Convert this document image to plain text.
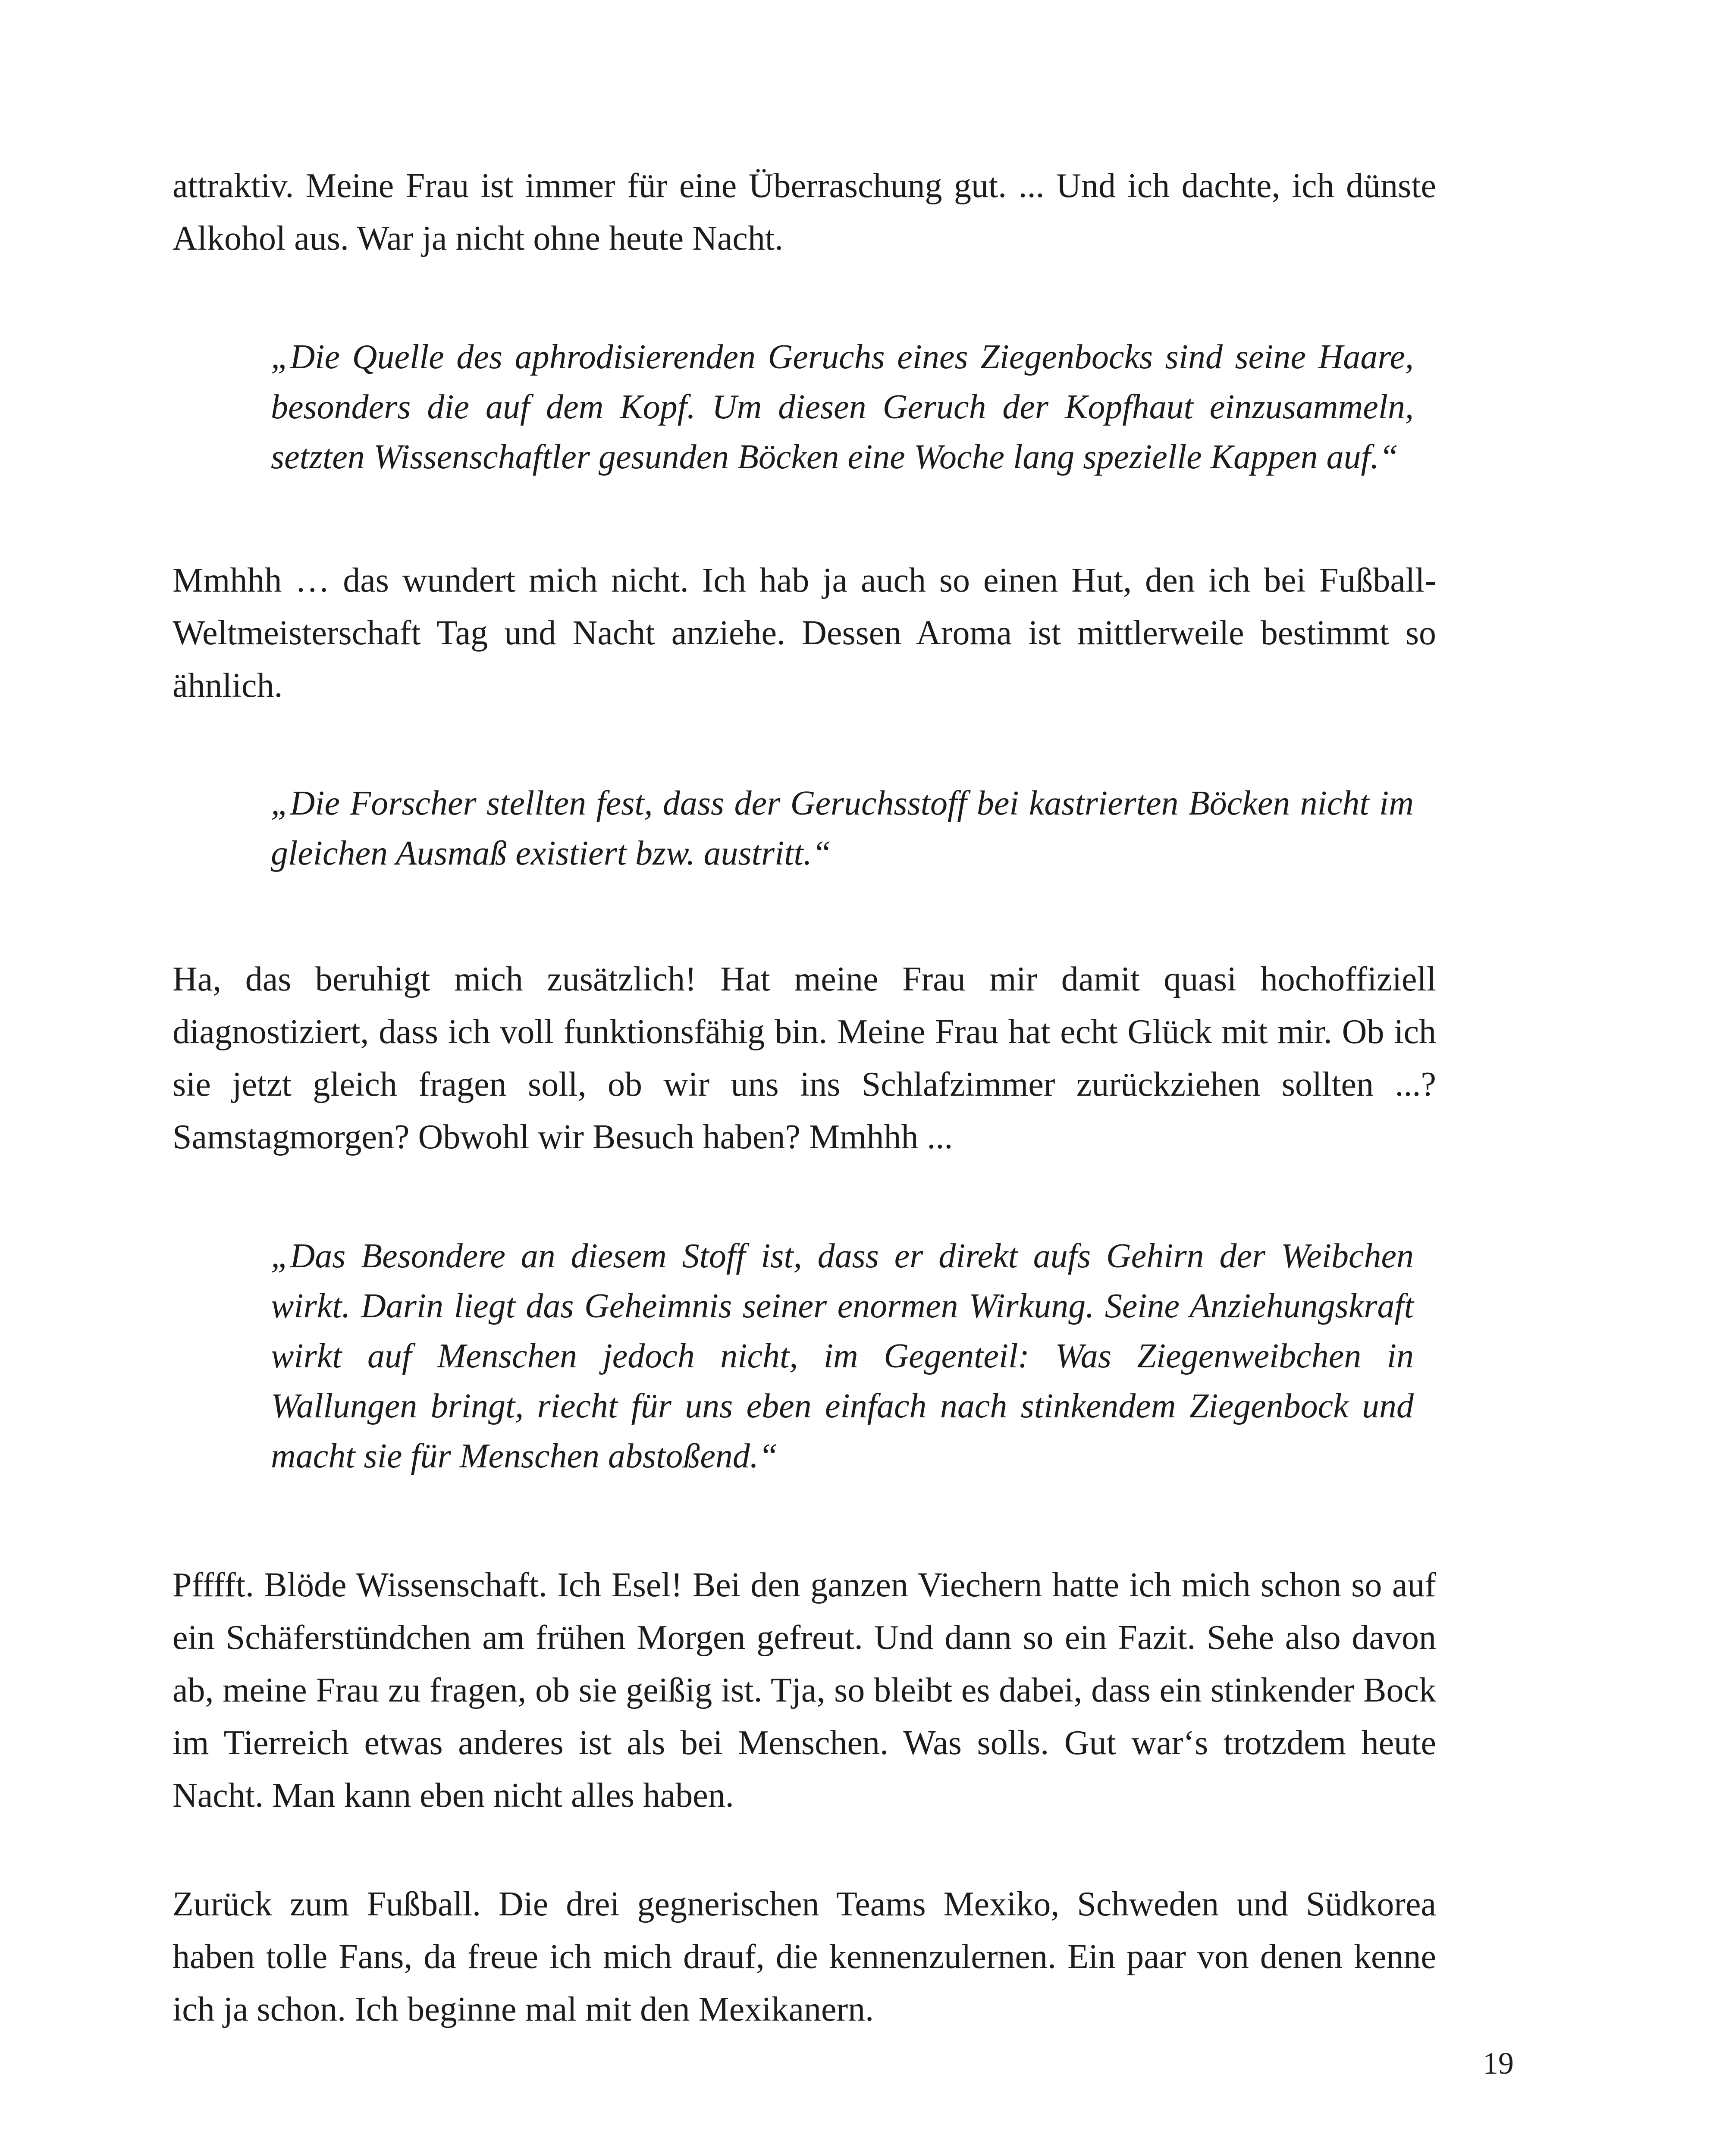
attraktiv. Meine Frau ist immer für eine Überraschung gut. ... Und ich dachte, ich dünste Alkohol aus. War ja nicht ohne heute Nacht.

„Die Quelle des aphrodisierenden Geruchs eines Ziegenbocks sind seine Haare, besonders die auf dem Kopf. Um diesen Geruch der Kopfhaut einzusammeln, setzten Wissenschaftler gesunden Böcken eine Woche lang spezielle Kappen auf.“

Mmhhh … das wundert mich nicht. Ich hab ja auch so einen Hut, den ich bei Fußball-Weltmeisterschaft Tag und Nacht anziehe. Dessen Aroma ist mittlerweile bestimmt so ähnlich.

„Die Forscher stellten fest, dass der Geruchsstoff bei kastrierten Böcken nicht im gleichen Ausmaß existiert bzw. austritt.“

Ha, das beruhigt mich zusätzlich! Hat meine Frau mir damit quasi hochoffiziell diagnostiziert, dass ich voll funktionsfähig bin. Meine Frau hat echt Glück mit mir. Ob ich sie jetzt gleich fragen soll, ob wir uns ins Schlafzimmer zurückziehen sollten ...? Samstagmorgen? Obwohl wir Besuch haben? Mmhhh ...

„Das Besondere an diesem Stoff ist, dass er direkt aufs Gehirn der Weibchen wirkt. Darin liegt das Geheimnis seiner enormen Wirkung. Seine Anziehungskraft wirkt auf Menschen jedoch nicht, im Gegenteil: Was Ziegenweibchen in Wallungen bringt, riecht für uns eben einfach nach stinkendem Ziegenbock und macht sie für Menschen abstoßend.“

Pfffft. Blöde Wissenschaft. Ich Esel! Bei den ganzen Viechern hatte ich mich schon so auf ein Schäferstündchen am frühen Morgen gefreut. Und dann so ein Fazit. Sehe also davon ab, meine Frau zu fragen, ob sie geißig ist. Tja, so bleibt es dabei, dass ein stinkender Bock im Tierreich etwas anderes ist als bei Menschen. Was solls. Gut war‘s trotzdem heute Nacht. Man kann eben nicht alles haben.

Zurück zum Fußball. Die drei gegnerischen Teams Mexiko, Schweden und Südkorea haben tolle Fans, da freue ich mich drauf, die kennenzulernen. Ein paar von denen kenne ich ja schon. Ich beginne mal mit den Mexikanern.

19
